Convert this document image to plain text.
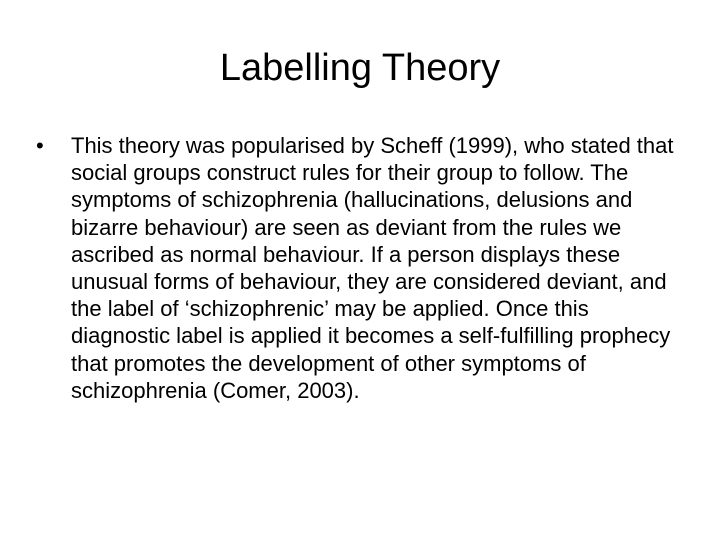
Labelling Theory

• This theory was popularised by Scheff (1999), who stated that social groups construct rules for their group to follow. The symptoms of schizophrenia (hallucinations, delusions and bizarre behaviour) are seen as deviant from the rules we ascribed as normal behaviour. If a person displays these unusual forms of behaviour, they are considered deviant, and the label of ‘schizophrenic’ may be applied. Once this diagnostic label is applied it becomes a self-fulfilling prophecy that promotes the development of other symptoms of schizophrenia (Comer, 2003).
